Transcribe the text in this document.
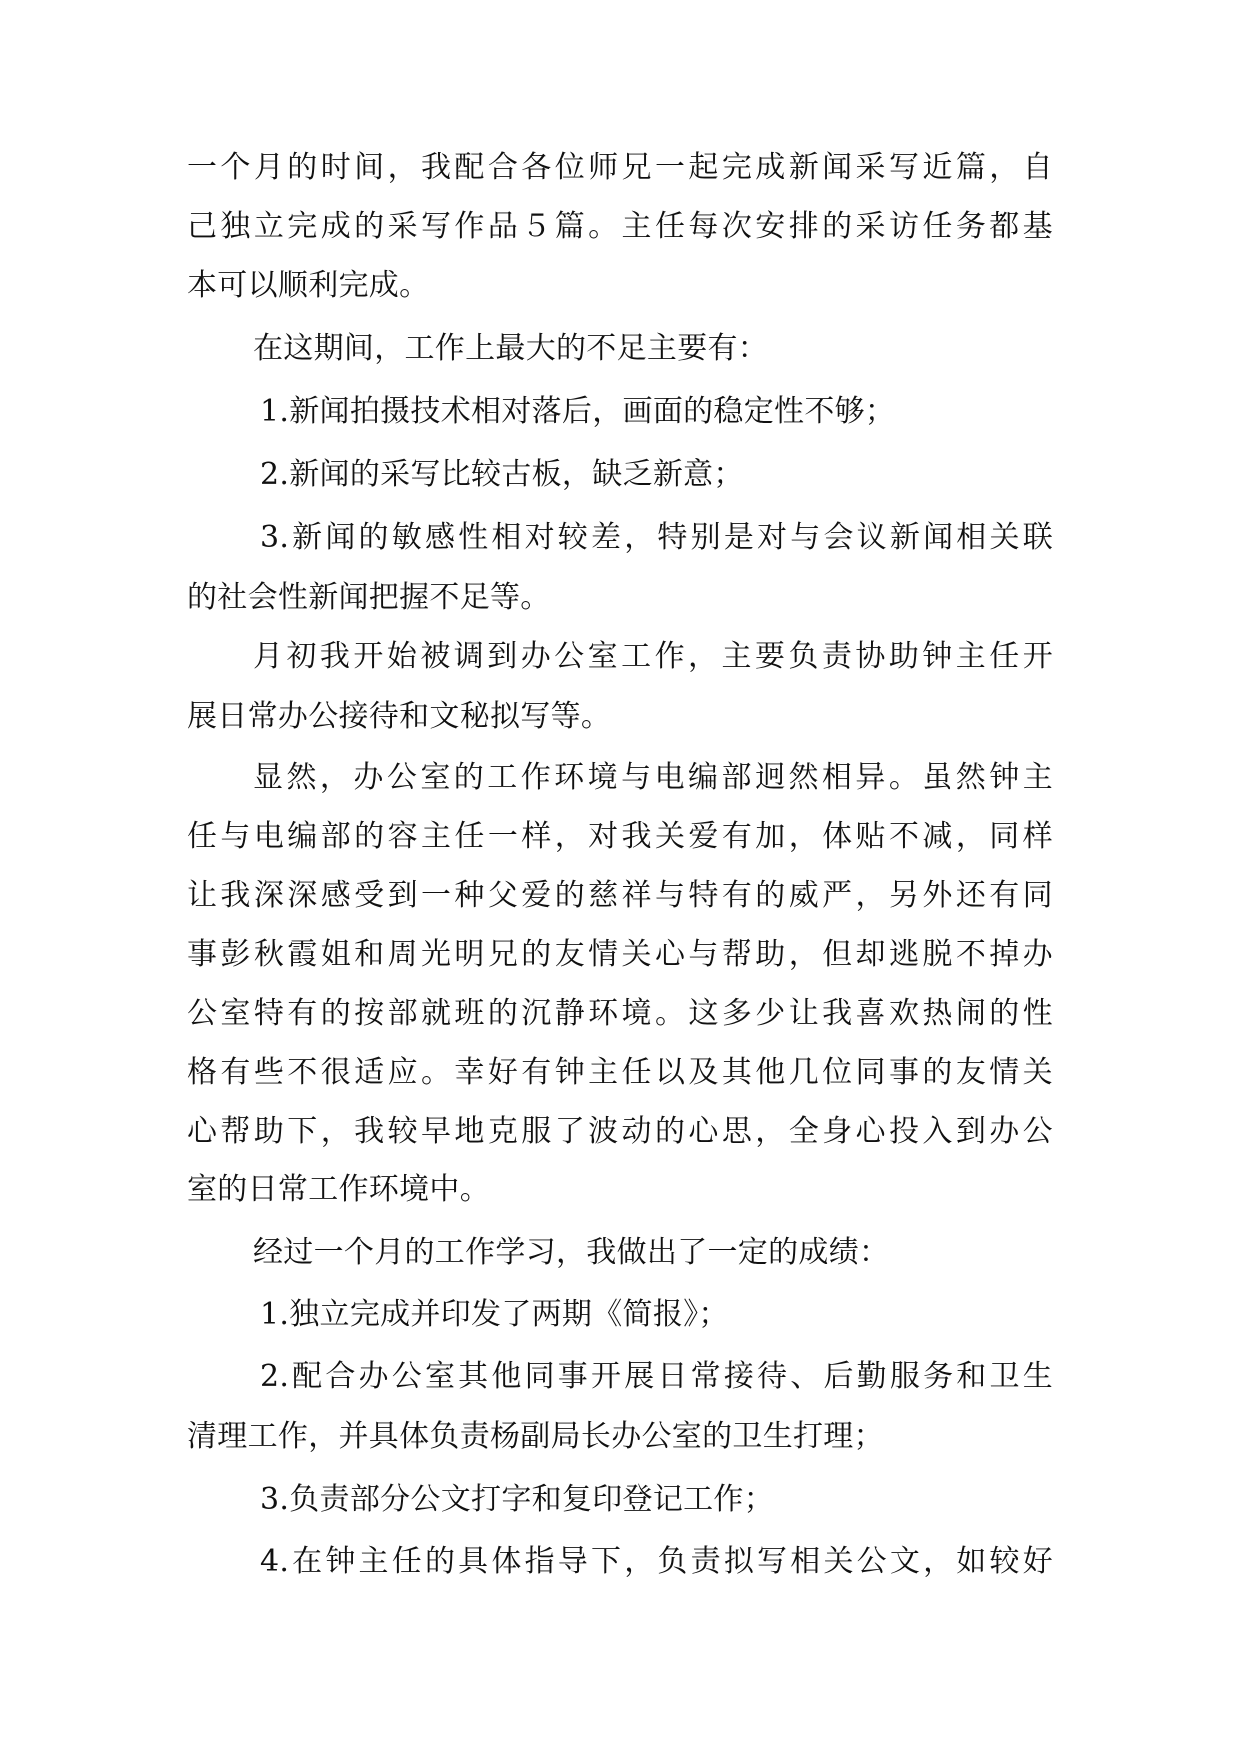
一个月的时间，我配合各位师兄一起完成新闻采写近篇，自
己独立完成的采写作品５篇。主任每次安排的采访任务都基
本可以顺利完成。
在这期间，工作上最大的不足主要有：
1.新闻拍摄技术相对落后，画面的稳定性不够；
2.新闻的采写比较古板，缺乏新意；
3.新闻的敏感性相对较差，特别是对与会议新闻相关联
的社会性新闻把握不足等。
月初我开始被调到办公室工作，主要负责协助钟主任开
展日常办公接待和文秘拟写等。
显然，办公室的工作环境与电编部迥然相异。虽然钟主
任与电编部的容主任一样，对我关爱有加，体贴不减，同样
让我深深感受到一种父爱的慈祥与特有的威严，另外还有同
事彭秋霞姐和周光明兄的友情关心与帮助，但却逃脱不掉办
公室特有的按部就班的沉静环境。这多少让我喜欢热闹的性
格有些不很适应。幸好有钟主任以及其他几位同事的友情关
心帮助下，我较早地克服了波动的心思，全身心投入到办公
室的日常工作环境中。
经过一个月的工作学习，我做出了一定的成绩：
1.独立完成并印发了两期《简报》；
2.配合办公室其他同事开展日常接待、后勤服务和卫生
清理工作，并具体负责杨副局长办公室的卫生打理；
3.负责部分公文打字和复印登记工作；
4.在钟主任的具体指导下，负责拟写相关公文，如较好
